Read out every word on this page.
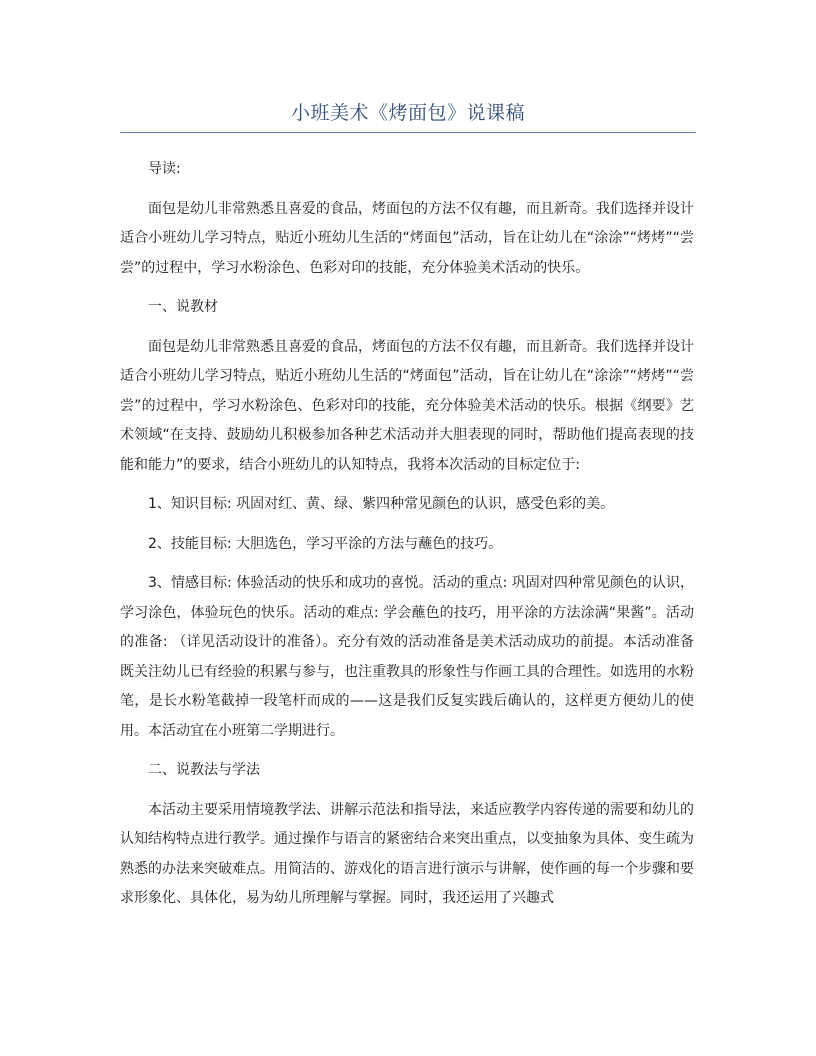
小班美术《烤面包》说课稿

导读:

面包是幼儿非常熟悉且喜爱的食品，烤面包的方法不仅有趣，而且新奇。我们选择并设计适合小班幼儿学习特点，贴近小班幼儿生活的“烤面包”活动，旨在让幼儿在“涂涂”“烤烤”“尝尝”的过程中，学习水粉涂色、色彩对印的技能，充分体验美术活动的快乐。

一、说教材

面包是幼儿非常熟悉且喜爱的食品，烤面包的方法不仅有趣，而且新奇。我们选择并设计适合小班幼儿学习特点，贴近小班幼儿生活的“烤面包”活动，旨在让幼儿在“涂涂”“烤烤”“尝尝”的过程中，学习水粉涂色、色彩对印的技能，充分体验美术活动的快乐。根据《纲要》艺术领域“在支持、鼓励幼儿积极参加各种艺术活动并大胆表现的同时，帮助他们提高表现的技能和能力”的要求，结合小班幼儿的认知特点，我将本次活动的目标定位于:

1、知识目标: 巩固对红、黄、绿、紫四种常见颜色的认识，感受色彩的美。

2、技能目标: 大胆选色，学习平涂的方法与蘸色的技巧。

3、情感目标: 体验活动的快乐和成功的喜悦。活动的重点: 巩固对四种常见颜色的认识，学习涂色，体验玩色的快乐。活动的难点: 学会蘸色的技巧，用平涂的方法涂满“果酱”。活动的准备: （详见活动设计的准备）。充分有效的活动准备是美术活动成功的前提。本活动准备既关注幼儿已有经验的积累与参与，也注重教具的形象性与作画工具的合理性。如选用的水粉笔，是长水粉笔截掉一段笔杆而成的——这是我们反复实践后确认的，这样更方便幼儿的使用。本活动宜在小班第二学期进行。

二、说教法与学法

本活动主要采用情境教学法、讲解示范法和指导法，来适应教学内容传递的需要和幼儿的认知结构特点进行教学。通过操作与语言的紧密结合来突出重点，以变抽象为具体、变生疏为熟悉的办法来突破难点。用简洁的、游戏化的语言进行演示与讲解，使作画的每一个步骤和要求形象化、具体化，易为幼儿所理解与掌握。同时，我还运用了兴趣式
